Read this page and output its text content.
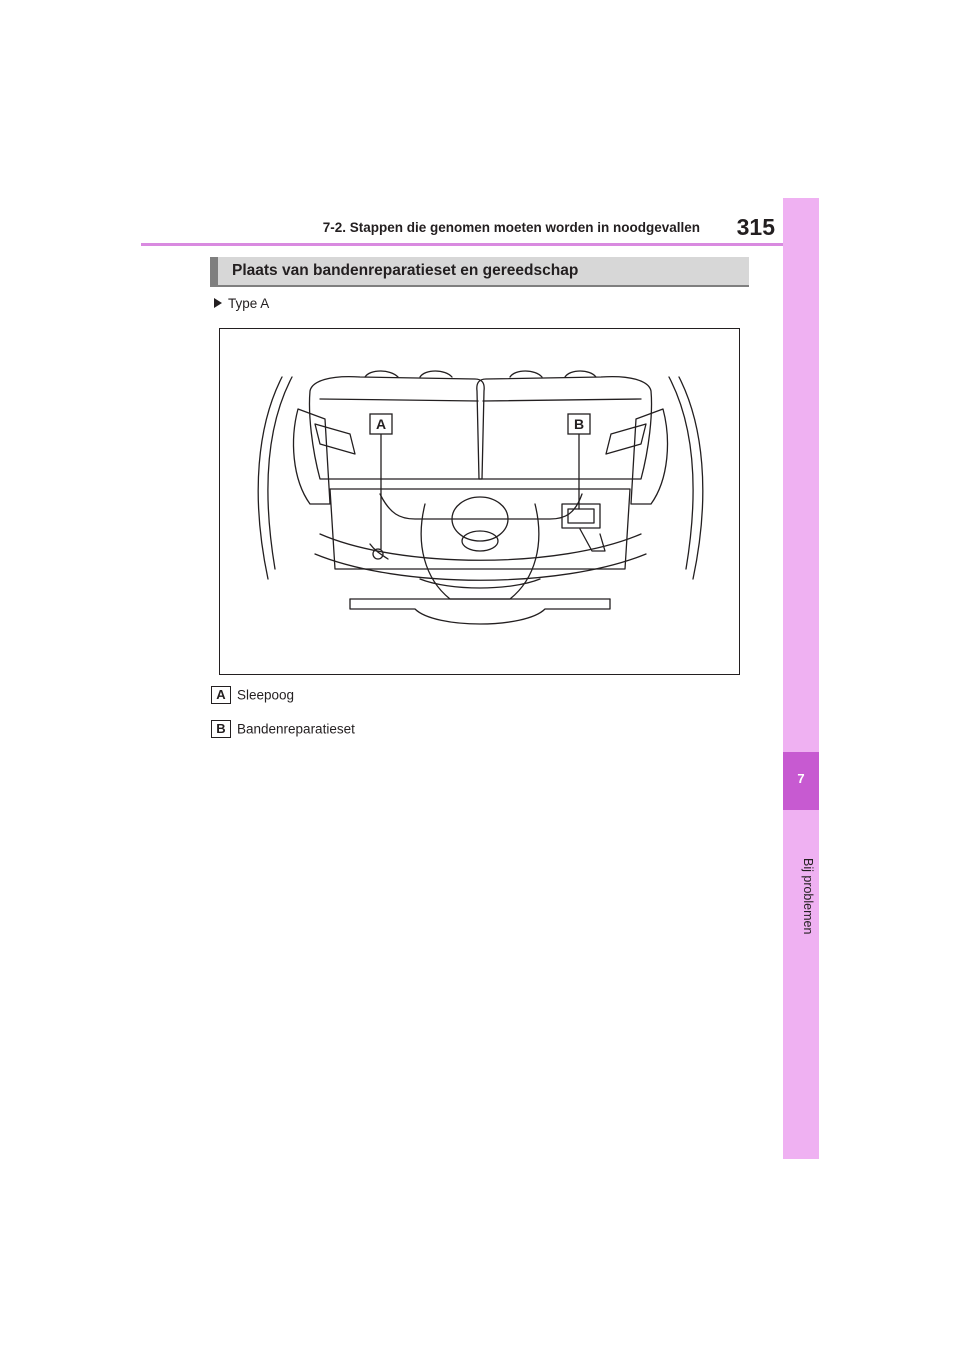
7-2. Stappen die genomen moeten worden in noodgevallen	315
7
Bij problemen
Plaats van bandenreparatieset en gereedschap
Type A
A	B
A Sleepoog
B Bandenreparatieset
